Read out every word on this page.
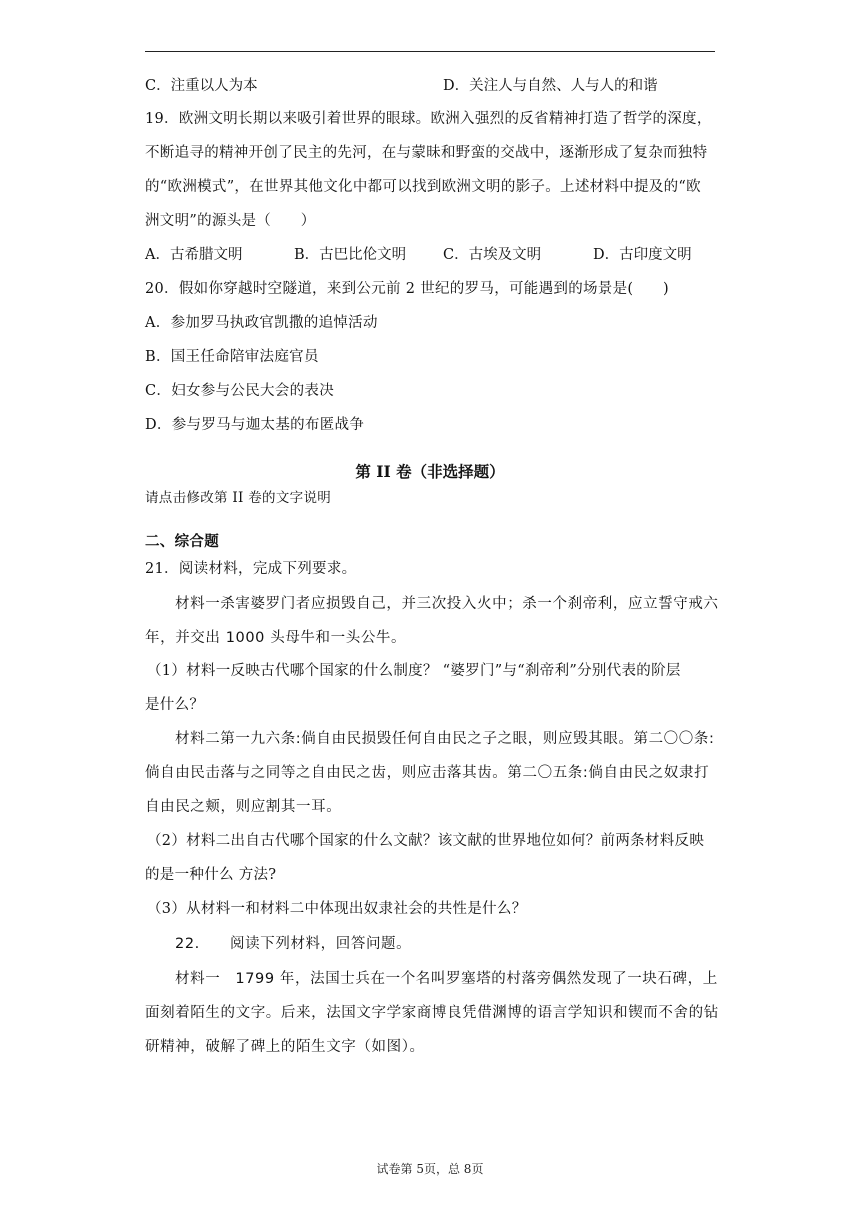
C．注重以人为本	D．关注人与自然、人与人的和谐
19．欧洲文明长期以来吸引着世界的眼球。欧洲入强烈的反省精神打造了哲学的深度，
不断追寻的精神开创了民主的先河，在与蒙昧和野蛮的交战中，逐渐形成了复杂而独特
的“欧洲模式”，在世界其他文化中都可以找到欧洲文明的影子。上述材料中提及的“欧
洲文明”的源头是（　　）
A．古希腊文明	B．古巴比伦文明	C．古埃及文明	D．古印度文明
20．假如你穿越时空隧道，来到公元前 2 世纪的罗马，可能遇到的场景是(　　)
A．参加罗马执政官凯撒的追悼活动
B．国王任命陪审法庭官员
C．妇女参与公民大会的表决
D．参与罗马与迦太基的布匿战争
第 II 卷（非选择题）
请点击修改第 II 卷的文字说明
二、综合题
21．阅读材料，完成下列要求。
材料一杀害婆罗门者应损毁自己，并三次投入火中；杀一个刹帝利，应立誓守戒六
年，并交出 1000 头母牛和一头公牛。
（1）材料一反映古代哪个国家的什么制度？ “婆罗门”与“刹帝利”分别代表的阶层
是什么？
材料二第一九六条:倘自由民损毁任何自由民之子之眼，则应毁其眼。第二〇〇条:
倘自由民击落与之同等之自由民之齿，则应击落其齿。第二〇五条:倘自由民之奴隶打
自由民之颊，则应割其一耳。
（2）材料二出自古代哪个国家的什么文献？该文献的世界地位如何？前两条材料反映
的是一种什么 方法?
（3）从材料一和材料二中体现出奴隶社会的共性是什么？
22.　　阅读下列材料，回答问题。
材料一　1799 年，法国士兵在一个名叫罗塞塔的村落旁偶然发现了一块石碑，上
面刻着陌生的文字。后来，法国文字学家商博良凭借渊博的语言学知识和锲而不舍的钻
研精神，破解了碑上的陌生文字（如图）。
试卷第 5页，总 8页
